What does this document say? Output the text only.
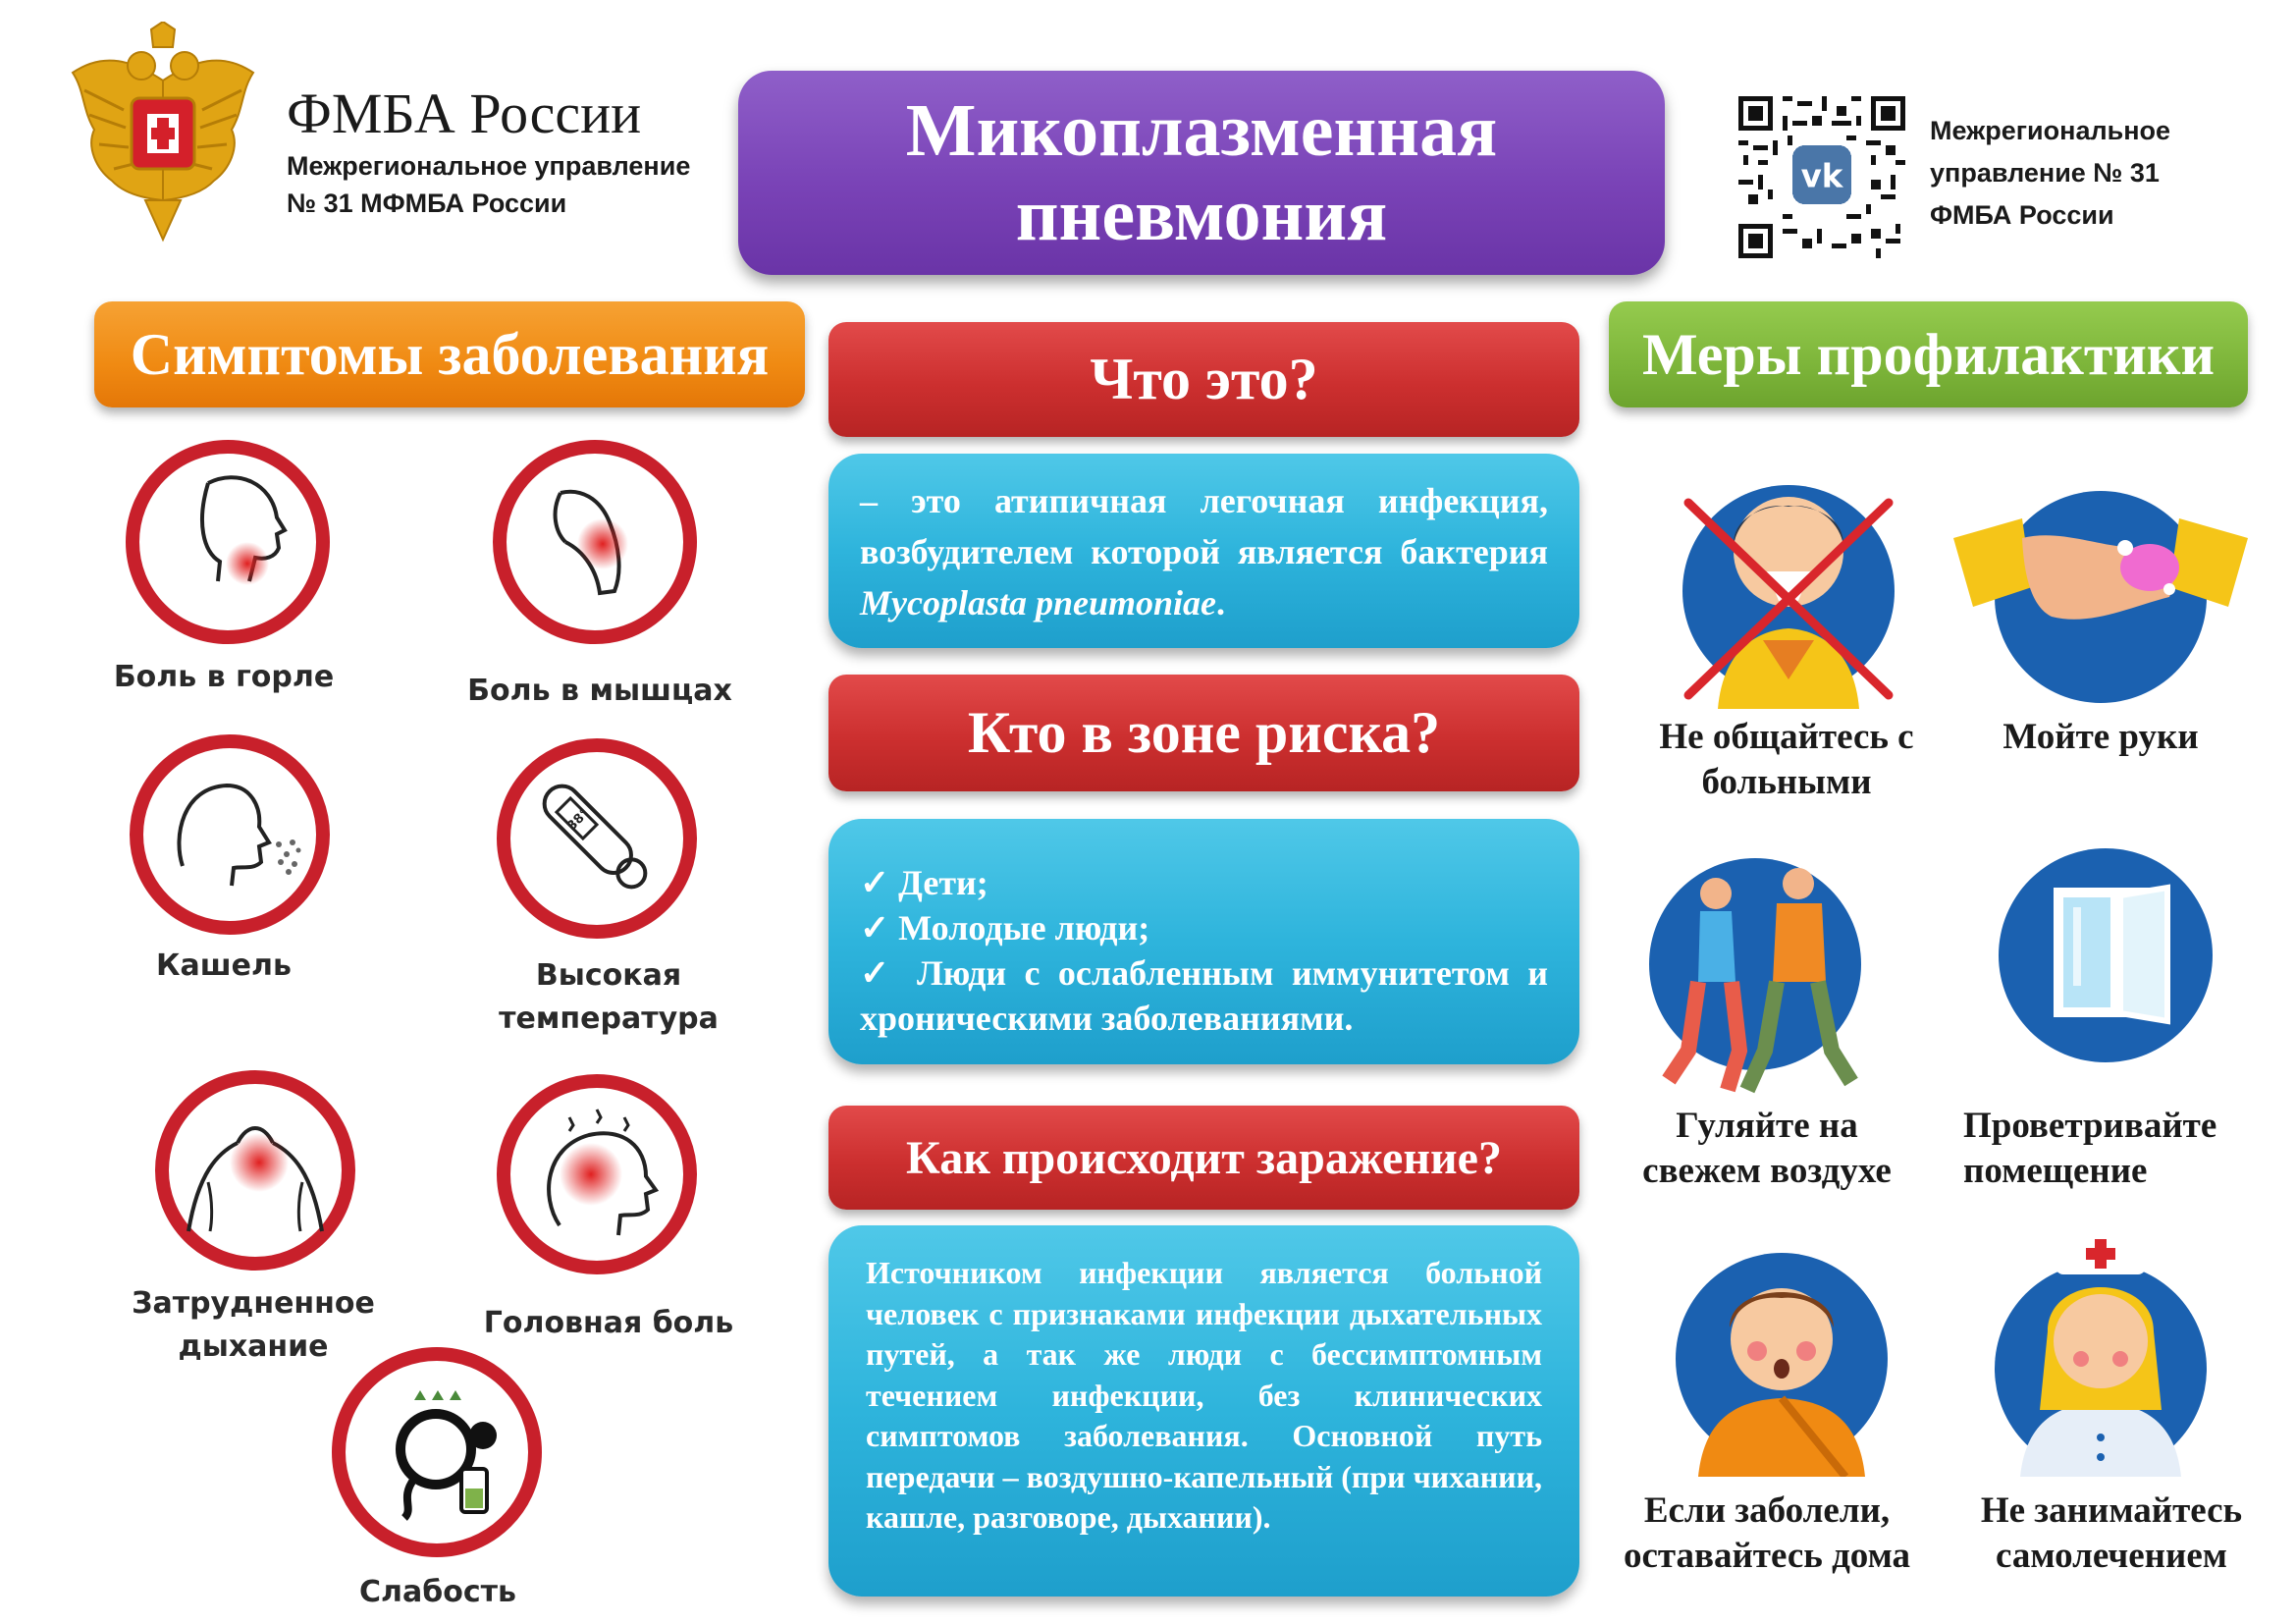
ФМБА России
Межрегиональное управление
№ 31 МФМБА России
Микоплазменная
пневмония	vk
Межрегиональное
управление № 31
ФМБА России
Симптомы заболевания
Боль в горле	Боль в мышцах
Кашель
38°
Высокая
температура
Затрудненное
дыхание
Головная боль
Слабость
Что это?
– это атипичная легочная инфекция, возбудителем которой является бактерия Mycoplasta pneumoniae.
Кто в зоне риска?
✓ Дети;
✓ Молодые люди;
✓ Люди с ослабленным иммунитетом и хроническими заболеваниями.
Как происходит заражение?
Источником инфекции является больной человек с признаками инфекции дыхательных путей, а так же люди с бессимптомным течением инфекции, без клинических симптомов заболевания. Основной путь передачи – воздушно-капельный (при чихании, кашле, разговоре, дыхании).
Меры профилактики
Не общайтесь с
больными
Мойте руки
Гуляйте на
свежем воздухе
Проветривайте
помещение
Если заболели,
оставайтесь дома
Не занимайтесь
самолечением
